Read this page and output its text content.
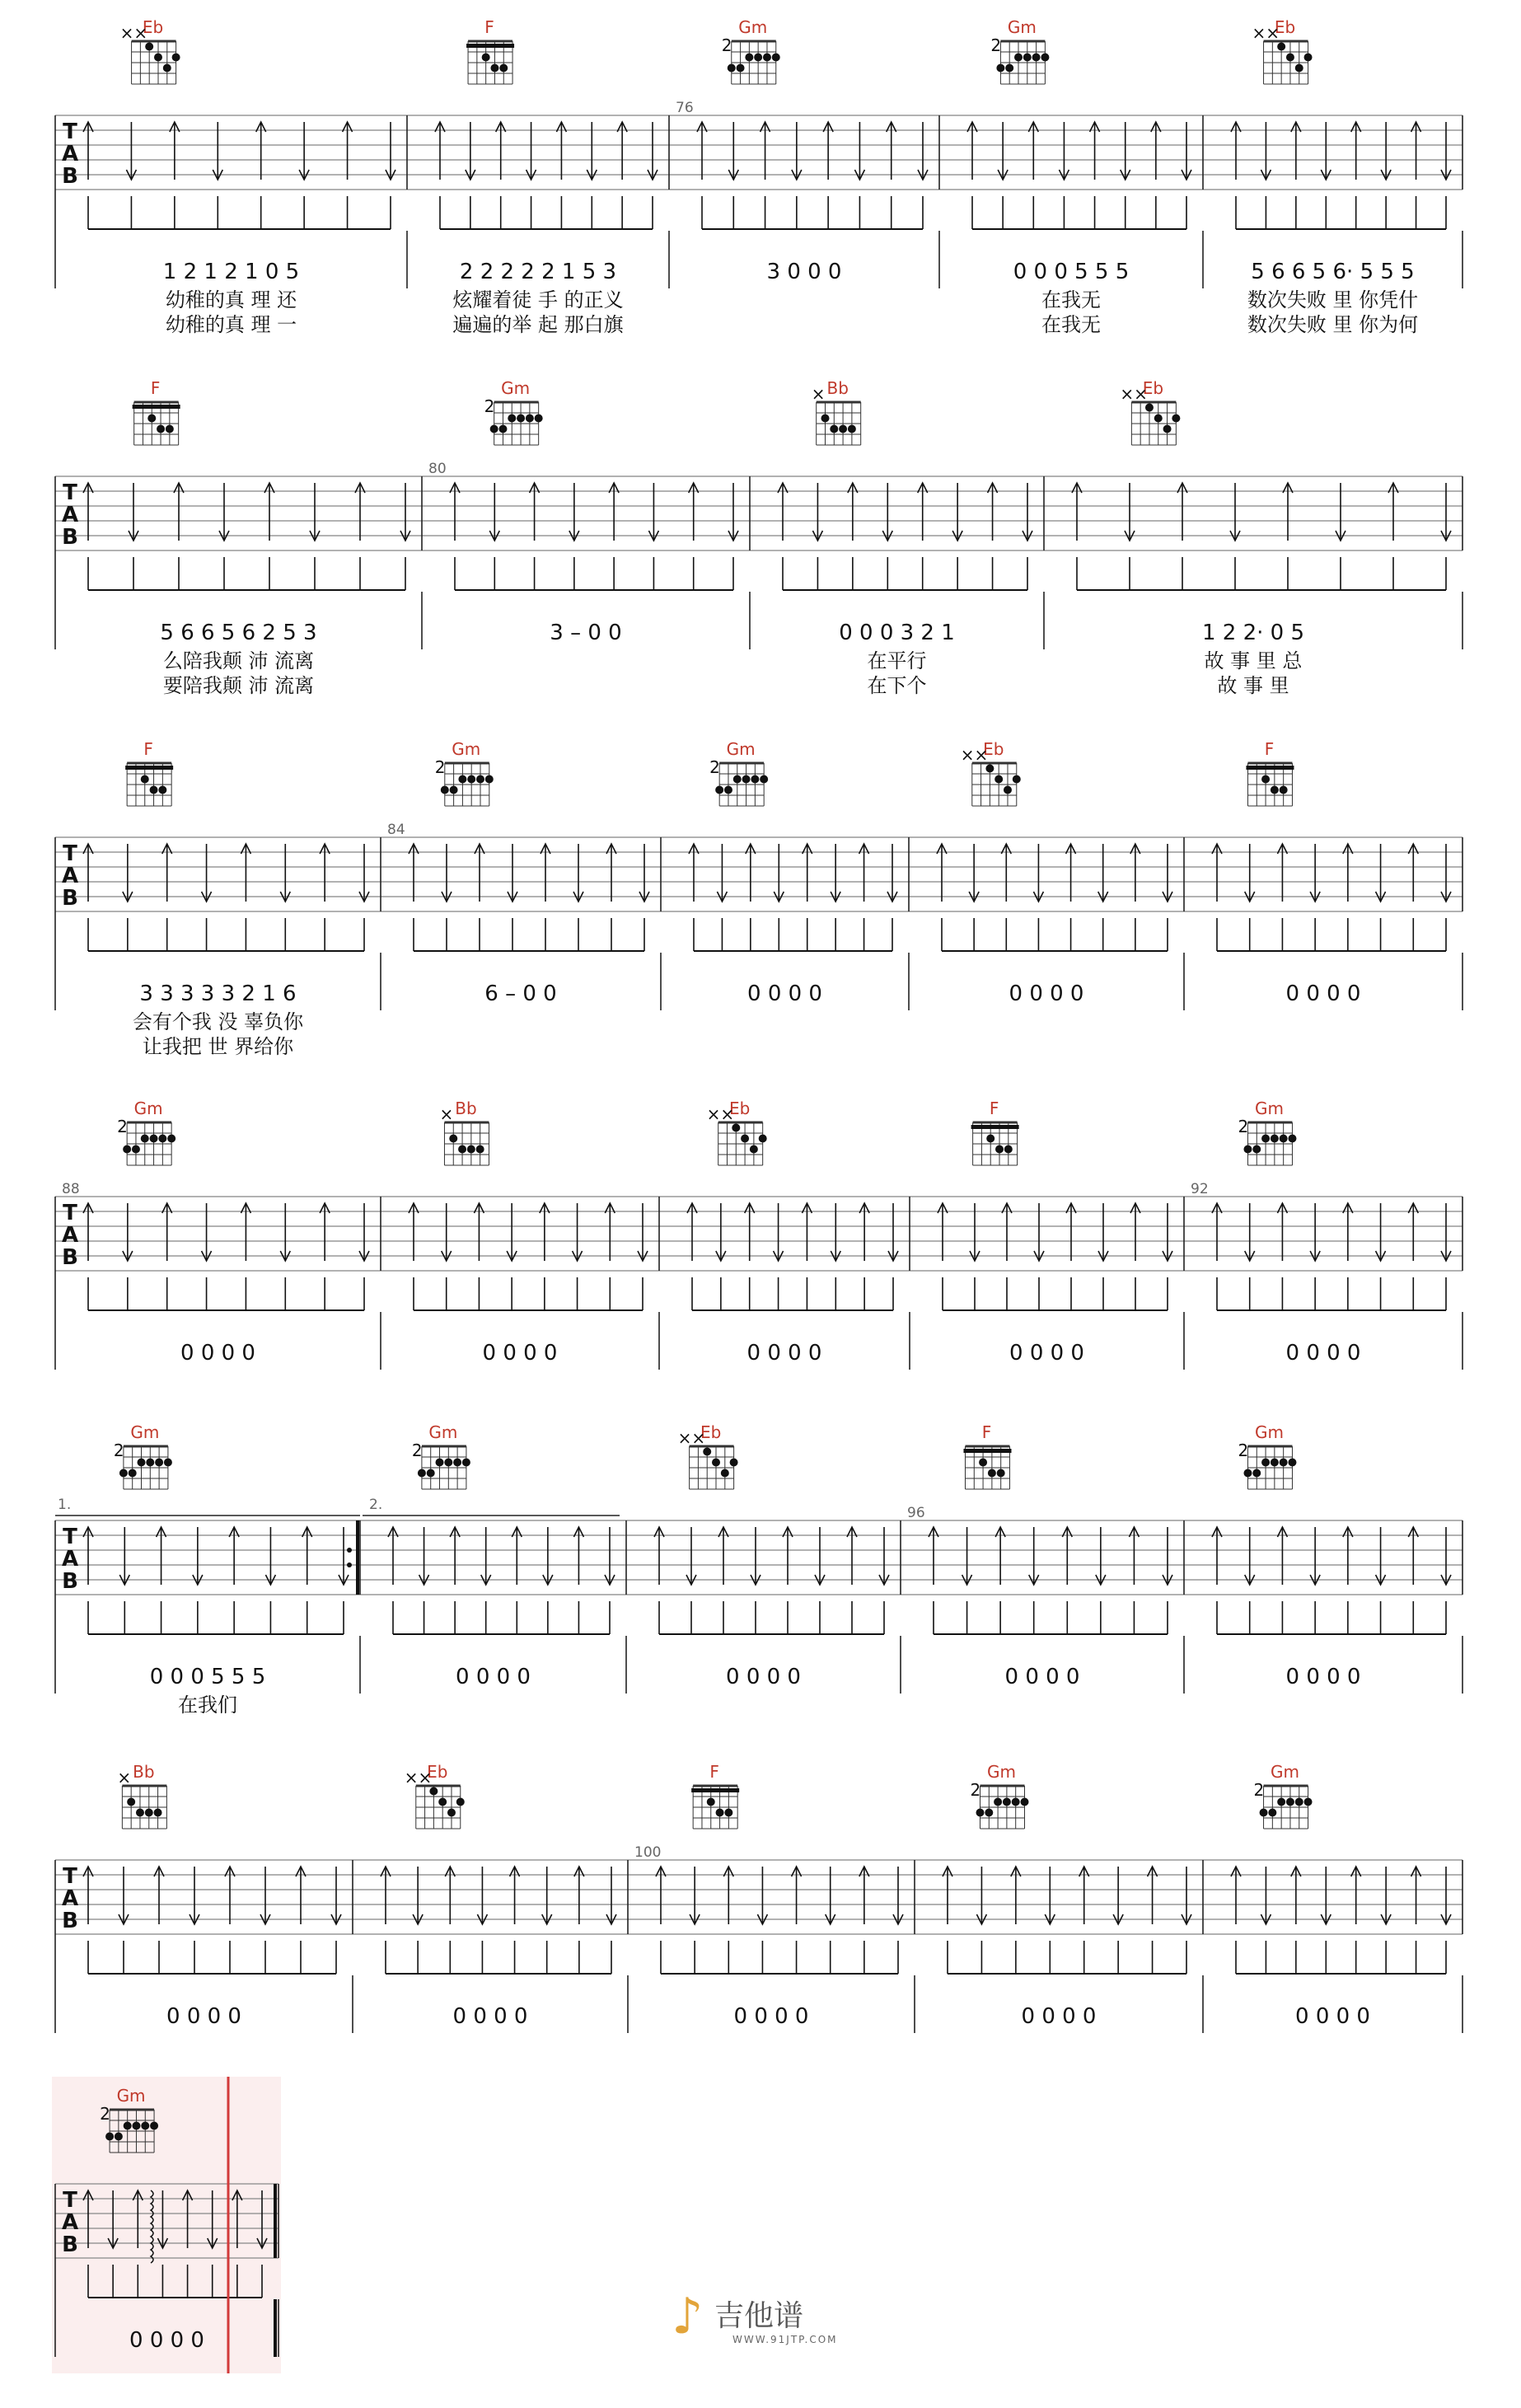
T
A
B
Eb
××
1 2 1 2 1 0 5
幼稚的真 理 还
幼稚的真 理 一
F
2 2 2 2 2 1 5 3
炫耀着徒 手 的正义
遍遍的举 起 那白旗
76
Gm
2
3 0 0 0
Gm
2
0 0 0 5 5 5
在我无
在我无
Eb
××
5 6 6 5 6· 5 5 5
数次失败 里 你凭什
数次失败 里 你为何
T
A
B
F
5 6 6 5 6 2 5 3
么陪我颠 沛 流离
要陪我颠 沛 流离
80
Gm
2
3 – 0 0
Bb
×
0 0 0 3 2 1
在平行
在下个
Eb
××
1 2 2· 0 5
故 事 里 总
故 事 里
T
A
B
F
3 3 3 3 3 2 1 6
会有个我 没 辜负你
让我把 世 界给你
84
Gm
2
6 – 0 0
Gm
2
0 0 0 0
Eb
××
0 0 0 0
F
0 0 0 0
T
A
B
88
Gm
2
0 0 0 0
Bb
×
0 0 0 0
Eb
××
0 0 0 0
F
0 0 0 0
92
Gm
2
0 0 0 0
T
A
B
Gm
2
0 0 0 5 5 5
在我们
Gm
2
0 0 0 0
Eb
××
0 0 0 0
96
F
0 0 0 0
Gm
2
0 0 0 0
1.	2.
T
A
B
Bb
×
0 0 0 0
Eb
××
0 0 0 0
100
F
0 0 0 0
Gm
2
0 0 0 0
Gm
2
0 0 0 0
T
A
B
Gm
2
0 0 0 0	♪ 吉他谱
WWW.91JTP.COM
